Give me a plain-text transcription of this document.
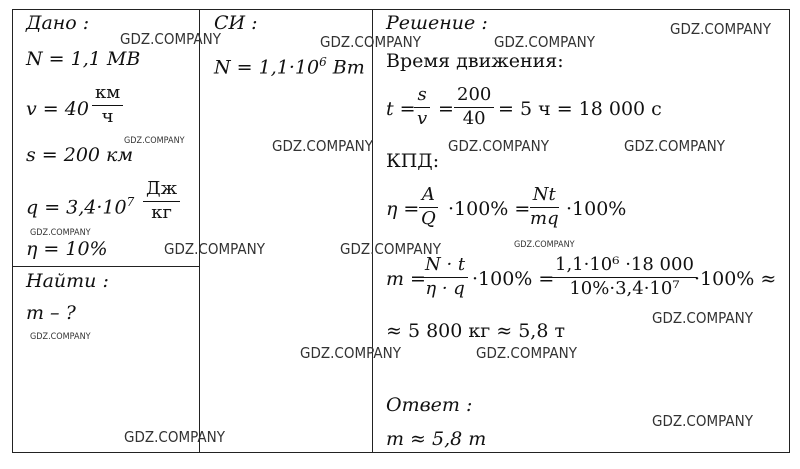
Дано :	СИ :	Решение :
Найти :
Ответ :
N = 1,1 МВ
v = 40
км
ч
s = 200 км
$q = 3,4\cdot 10^7$
Дж
кг
η = 10%
m – ?
$N = 1,1\cdot 10^6$ Вт Время движения:
t =
$\frac{s}{v} = \frac{200}{40} = 5$ ч = 18 000 с
КПД:
η =
$\frac{A}{Q} \cdot 100\%$ =
$\frac{Nt}{mq} \cdot 100\%$
m =
$\frac{N \cdot t}{\eta \cdot q} \cdot 100\%$ =
$\frac{\text{1,1·10⁶ ·18 000}}{\text{10\%·3,4·10⁷}}$
·100% ≈
≈ 5 800 кг ≈ 5,8 т
m ≈ 5,8 т
GDZ.COMPANY	GDZ.COMPANY	GDZ.COMPANY
GDZ.COMPANY
GDZ.COMPANY	GDZ.COMPANY	GDZ.COMPANY	GDZ.COMPANY
GDZ.COMPANY
GDZ.COMPANY	GDZ.COMPANY	GDZ.COMPANY
GDZ.COMPANY
GDZ.COMPANY
GDZ.COMPANY	GDZ.COMPANY
GDZ.COMPANY
GDZ.COMPANY
